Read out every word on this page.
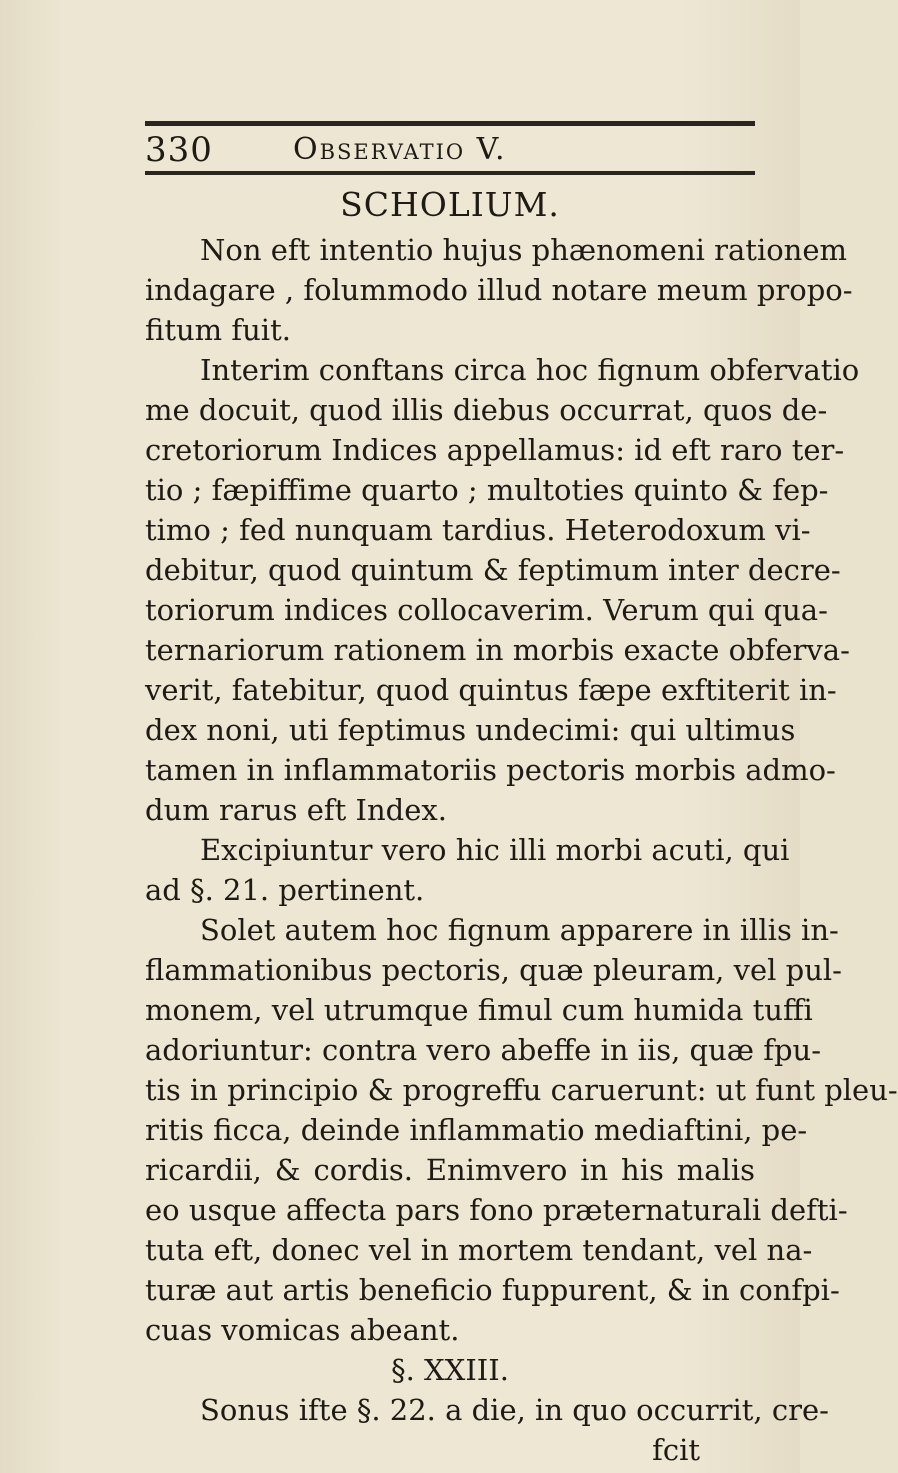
330	Observatio V.
SCHOLIUM.
Non eft intentio hujus phænomeni rationem
indagare , folummodo illud notare meum propo-
fitum fuit.
Interim conftans circa hoc fignum obfervatio
me docuit, quod illis diebus occurrat, quos de-
cretoriorum Indices appellamus: id eft raro ter-
tio ; fæpiffime quarto ; multoties quinto & fep-
timo ; fed nunquam tardius. Heterodoxum vi-
debitur, quod quintum & feptimum inter decre-
toriorum indices collocaverim. Verum qui qua-
ternariorum rationem in morbis exacte obferva-
verit, fatebitur, quod quintus fæpe exftiterit in-
dex noni, uti feptimus undecimi: qui ultimus
tamen in inflammatoriis pectoris morbis admo-
dum rarus eft Index.
Excipiuntur vero hic illi morbi acuti, qui
ad §. 21. pertinent.
Solet autem hoc fignum apparere in illis in-
flammationibus pectoris, quæ pleuram, vel pul-
monem, vel utrumque fimul cum humida tuffi
adoriuntur: contra vero abeffe in iis, quæ fpu-
tis in principio & progreffu caruerunt: ut funt pleu-
ritis ficca, deinde inflammatio mediaftini, pe-
ricardii, & cordis. Enimvero in his malis
eo usque affecta pars fono præternaturali defti-
tuta eft, donec vel in mortem tendant, vel na-
turæ aut artis beneficio fuppurent, & in confpi-
cuas vomicas abeant.
§. XXIII.
Sonus ifte §. 22. a die, in quo occurrit, cre-
fcit
